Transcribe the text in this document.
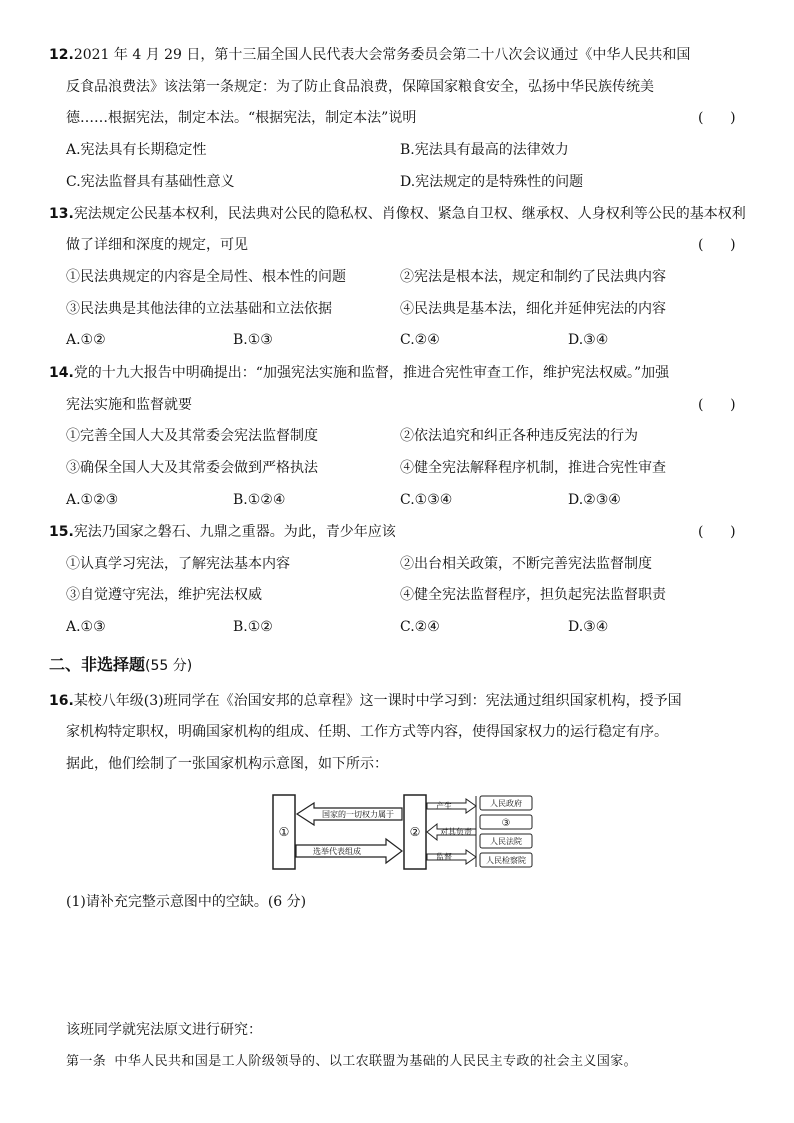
12.2021 年 4 月 29 日，第十三届全国人民代表大会常务委员会第二十八次会议通过《中华人民共和国
反食品浪费法》该法第一条规定：为了防止食品浪费，保障国家粮食安全，弘扬中华民族传统美
德……根据宪法，制定本法。“根据宪法，制定本法”说明	(      )
A.宪法具有长期稳定性	B.宪法具有最高的法律效力
C.宪法监督具有基础性意义	D.宪法规定的是特殊性的问题
13.宪法规定公民基本权利，民法典对公民的隐私权、肖像权、紧急自卫权、继承权、人身权利等公民的基本权利
做了详细和深度的规定，可见	(      )
①民法典规定的内容是全局性、根本性的问题	②宪法是根本法，规定和制约了民法典内容
③民法典是其他法律的立法基础和立法依据	④民法典是基本法，细化并延伸宪法的内容
A.①②	B.①③	C.②④	D.③④
14.党的十九大报告中明确提出：“加强宪法实施和监督，推进合宪性审查工作，维护宪法权威。”加强
宪法实施和监督就要	(      )
①完善全国人大及其常委会宪法监督制度	②依法追究和纠正各种违反宪法的行为
③确保全国人大及其常委会做到严格执法	④健全宪法解释程序机制，推进合宪性审查
A.①②③	B.①②④	C.①③④	D.②③④
15.宪法乃国家之磐石、九鼎之重器。为此，青少年应该	(      )
①认真学习宪法，了解宪法基本内容	②出台相关政策，不断完善宪法监督制度
③自觉遵守宪法，维护宪法权威	④健全宪法监督程序，担负起宪法监督职责
A.①③	B.①②	C.②④	D.③④
二、非选择题(55 分)
16.某校八年级(3)班同学在《治国安邦的总章程》这一课时中学习到：宪法通过组织国家机构，授予国
家机构特定职权，明确国家机构的组成、任期、工作方式等内容，使得国家权力的运行稳定有序。
据此，他们绘制了一张国家机构示意图，如下所示：
①
国家的一切权力属于
选举代表组成
②
产生
对其负责
监督
人民政府
③
人民法院
人民检察院
(1)请补充完整示意图中的空缺。(6 分)
该班同学就宪法原文进行研究：
第一条 中华人民共和国是工人阶级领导的、以工农联盟为基础的人民民主专政的社会主义国家。
